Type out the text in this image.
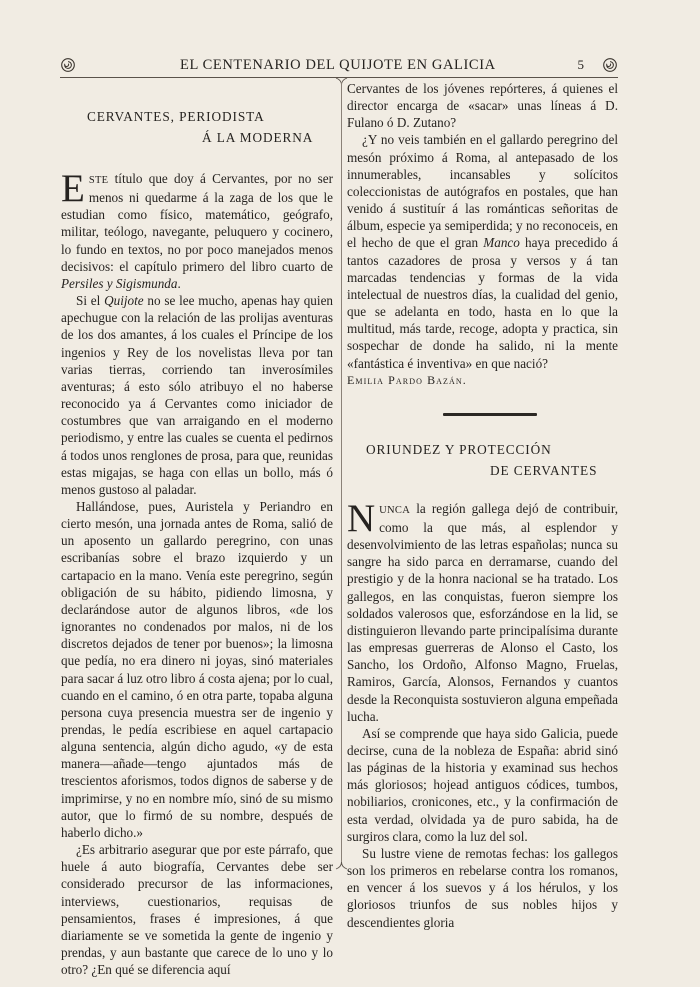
EL CENTENARIO DEL QUIJOTE EN GALICIA	5
CERVANTES, PERIODISTA
Á LA MODERNA

ESTE título que doy á Cervantes, por no ser menos ni quedarme á la zaga de los que le estudian como físico, matemático, geógrafo, militar, teólogo, navegante, peluquero y cocinero, lo fundo en textos, no por poco manejados menos decisivos: el capítulo primero del libro cuarto de Persiles y Sigismunda.

Si el Quijote no se lee mucho, apenas hay quien apechugue con la relación de las prolijas aventuras de los dos amantes, á los cuales el Príncipe de los ingenios y Rey de los novelistas lleva por tan varias tierras, corriendo tan inverosímiles aventuras; á esto sólo atribuyo el no haberse reconocido ya á Cervantes como iniciador de costumbres que van arraigando en el moderno periodismo, y entre las cuales se cuenta el pedirnos á todos unos renglones de prosa, para que, reunidas estas migajas, se haga con ellas un bollo, más ó menos gustoso al paladar.

Hallándose, pues, Auristela y Periandro en cierto mesón, una jornada antes de Roma, salió de un aposento un gallardo peregrino, con unas escribanías sobre el brazo izquierdo y un cartapacio en la mano. Venía este peregrino, según obligación de su hábito, pidiendo limosna, y declarándose autor de algunos libros, «de los ignorantes no condenados por malos, ni de los discretos dejados de tener por buenos»; la limosna que pedía, no era dinero ni joyas, sinó materiales para sacar á luz otro libro á costa ajena; por lo cual, cuando en el camino, ó en otra parte, topaba alguna persona cuya presencia muestra ser de ingenio y prendas, le pedía escribiese en aquel cartapacio alguna sentencia, algún dicho agudo, «y de esta manera—añade—tengo ajuntados más de trescientos aforismos, todos dignos de saberse y de imprimirse, y no en nombre mío, sinó de su mismo autor, que lo firmó de su nombre, después de haberlo dicho.»

¿Es arbitrario asegurar que por este párrafo, que huele á auto biografía, Cervantes debe ser considerado precursor de las informaciones, interviews, cuestionarios, requisas de pensamientos, frases é impresiones, á que diariamente se ve sometida la gente de ingenio y prendas, y aun bastante que carece de lo uno y lo otro? ¿En qué se diferencia aquí

Cervantes de los jóvenes repórteres, á quienes el director encarga de «sacar» unas líneas á D. Fulano ó D. Zutano?

¿Y no veis también en el gallardo peregrino del mesón próximo á Roma, al antepasado de los innumerables, incansables y solícitos coleccionistas de autógrafos en postales, que han venido á sustituír á las románticas señoritas de álbum, especie ya semiperdida; y no reconoceis, en el hecho de que el gran Manco haya precedido á tantos cazadores de prosa y versos y á tan marcadas tendencias y formas de la vida intelectual de nuestros días, la cualidad del genio, que se adelanta en todo, hasta en lo que la multitud, más tarde, recoge, adopta y practica, sin sospechar de donde ha salido, ni la mente «fantástica é inventiva» en que nació?

Emilia Pardo Bazán.

ORIUNDEZ Y PROTECCIÓN
DE CERVANTES

NUNCA la región gallega dejó de contribuir, como la que más, al esplendor y desenvolvimiento de las letras españolas; nunca su sangre ha sido parca en derramarse, cuando del prestigio y de la honra nacional se ha tratado. Los gallegos, en las conquistas, fueron siempre los soldados valerosos que, esforzándose en la lid, se distinguieron llevando parte principalísima durante las empresas guerreras de Alonso el Casto, los Sancho, los Ordoño, Alfonso Magno, Fruelas, Ramiros, García, Alonsos, Fernandos y cuantos desde la Reconquista sostuvieron alguna empeñada lucha.

Así se comprende que haya sido Galicia, puede decirse, cuna de la nobleza de España: abrid sinó las páginas de la historia y examinad sus hechos más gloriosos; hojead antiguos códices, tumbos, nobiliarios, cronicones, etc., y la confirmación de esta verdad, olvidada ya de puro sabida, ha de surgiros clara, como la luz del sol.

Su lustre viene de remotas fechas: los gallegos son los primeros en rebelarse contra los romanos, en vencer á los suevos y á los hérulos, y los gloriosos triunfos de sus nobles hijos y descendientes gloria
